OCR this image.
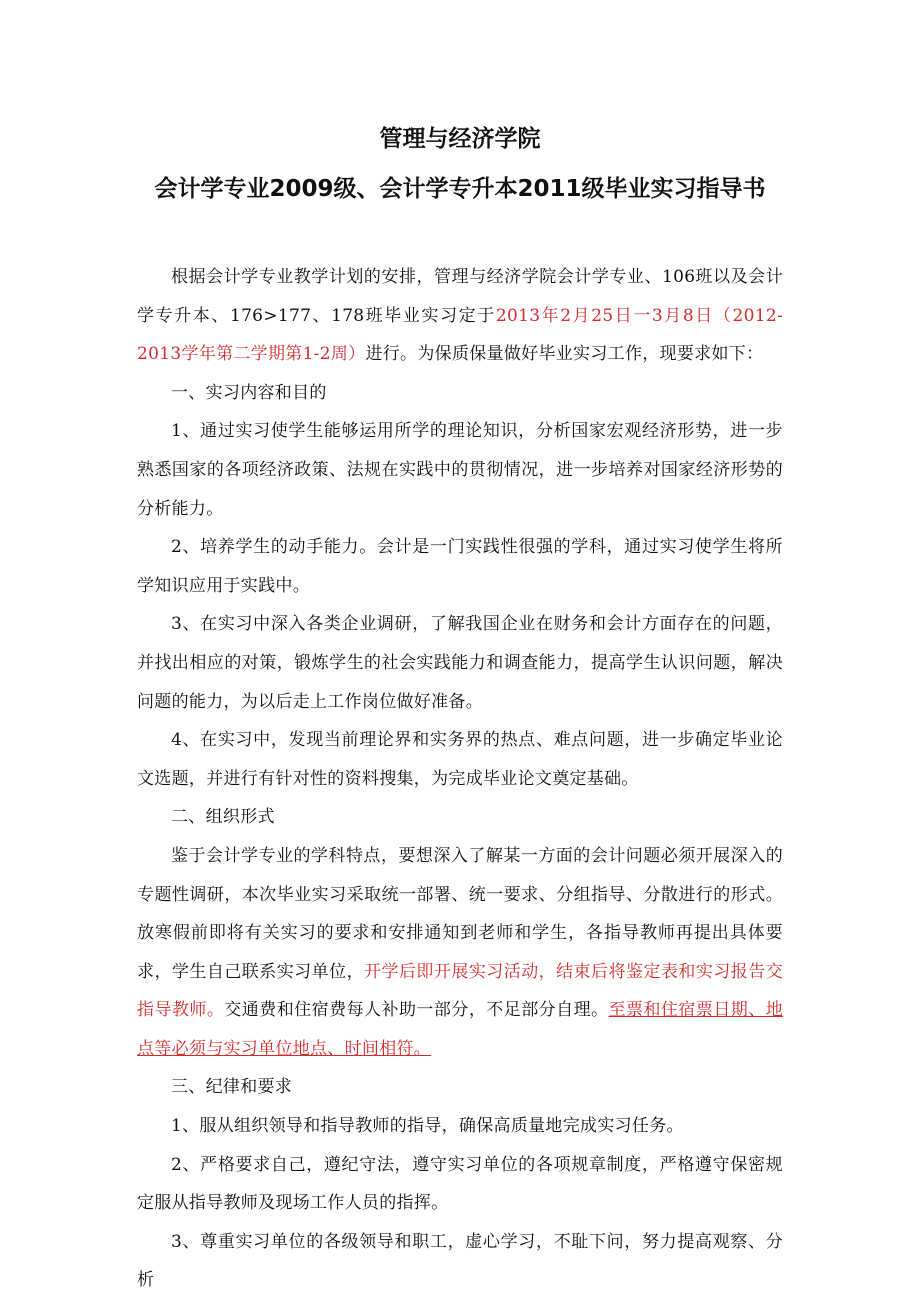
管理与经济学院
会计学专业2009级、会计学专升本2011级毕业实习指导书

根据会计学专业教学计划的安排，管理与经济学院会计学专业、106班以及会计学专升本、176>177、178班毕业实习定于2013年2月25日一3月8日（2012-2013学年第二学期第1-2周）进行。为保质保量做好毕业实习工作，现要求如下：

一、实习内容和目的

1、通过实习使学生能够运用所学的理论知识，分析国家宏观经济形势，进一步熟悉国家的各项经济政策、法规在实践中的贯彻情况，进一步培养对国家经济形势的分析能力。

2、培养学生的动手能力。会计是一门实践性很强的学科，通过实习使学生将所学知识应用于实践中。

3、在实习中深入各类企业调研，了解我国企业在财务和会计方面存在的问题，并找出相应的对策，锻炼学生的社会实践能力和调查能力，提高学生认识问题，解决问题的能力，为以后走上工作岗位做好准备。

4、在实习中，发现当前理论界和实务界的热点、难点问题，进一步确定毕业论文选题，并进行有针对性的资料搜集，为完成毕业论文奠定基础。

二、组织形式

鉴于会计学专业的学科特点，要想深入了解某一方面的会计问题必须开展深入的专题性调研，本次毕业实习采取统一部署、统一要求、分组指导、分散进行的形式。放寒假前即将有关实习的要求和安排通知到老师和学生，各指导教师再提出具体要求，学生自己联系实习单位，开学后即开展实习活动，结束后将鉴定表和实习报告交指导教师。交通费和住宿费每人补助一部分，不足部分自理。至票和住宿票日期、地点等必须与实习单位地点、时间相符。

三、纪律和要求

1、服从组织领导和指导教师的指导，确保高质量地完成实习任务。

2、严格要求自己，遵纪守法，遵守实习单位的各项规章制度，严格遵守保密规定服从指导教师及现场工作人员的指挥。

3、尊重实习单位的各级领导和职工，虚心学习，不耻下问，努力提高观察、分析
